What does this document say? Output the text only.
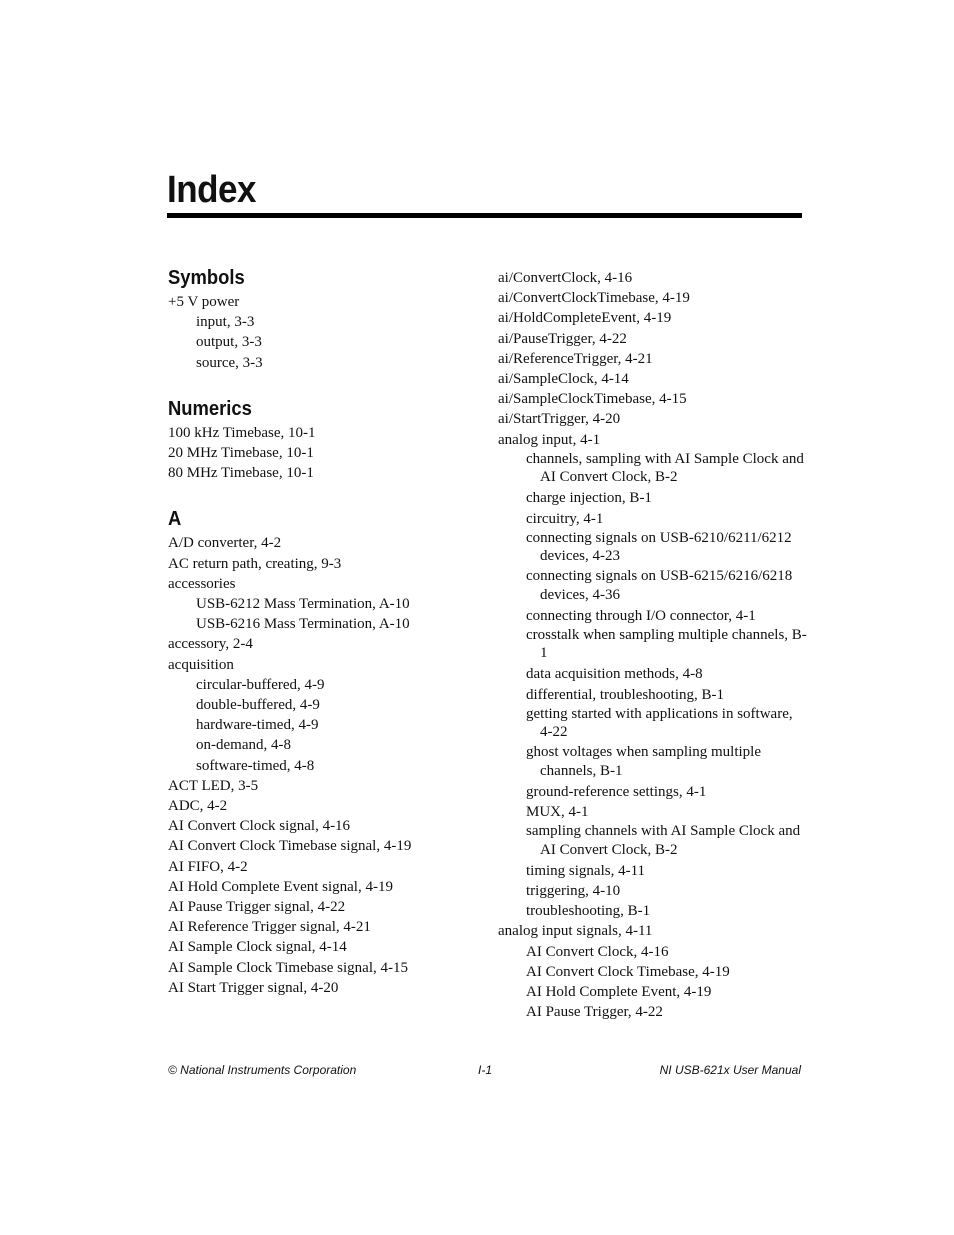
Index
Symbols
+5 V power
input, 3-3
output, 3-3
source, 3-3
Numerics
100 kHz Timebase, 10-1
20 MHz Timebase, 10-1
80 MHz Timebase, 10-1
A
A/D converter, 4-2
AC return path, creating, 9-3
accessories
USB-6212 Mass Termination, A-10
USB-6216 Mass Termination, A-10
accessory, 2-4
acquisition
circular-buffered, 4-9
double-buffered, 4-9
hardware-timed, 4-9
on-demand, 4-8
software-timed, 4-8
ACT LED, 3-5
ADC, 4-2
AI Convert Clock signal, 4-16
AI Convert Clock Timebase signal, 4-19
AI FIFO, 4-2
AI Hold Complete Event signal, 4-19
AI Pause Trigger signal, 4-22
AI Reference Trigger signal, 4-21
AI Sample Clock signal, 4-14
AI Sample Clock Timebase signal, 4-15
AI Start Trigger signal, 4-20
ai/ConvertClock, 4-16
ai/ConvertClockTimebase, 4-19
ai/HoldCompleteEvent, 4-19
ai/PauseTrigger, 4-22
ai/ReferenceTrigger, 4-21
ai/SampleClock, 4-14
ai/SampleClockTimebase, 4-15
ai/StartTrigger, 4-20
analog input, 4-1
channels, sampling with AI Sample Clock and AI Convert Clock, B-2
charge injection, B-1
circuitry, 4-1
connecting signals on USB-6210/6211/6212 devices, 4-23
connecting signals on USB-6215/6216/6218 devices, 4-36
connecting through I/O connector, 4-1
crosstalk when sampling multiple channels, B-1
data acquisition methods, 4-8
differential, troubleshooting, B-1
getting started with applications in software, 4-22
ghost voltages when sampling multiple channels, B-1
ground-reference settings, 4-1
MUX, 4-1
sampling channels with AI Sample Clock and AI Convert Clock, B-2
timing signals, 4-11
triggering, 4-10
troubleshooting, B-1
analog input signals, 4-11
AI Convert Clock, 4-16
AI Convert Clock Timebase, 4-19
AI Hold Complete Event, 4-19
AI Pause Trigger, 4-22
© National Instruments Corporation	I-1	NI USB-621x User Manual
